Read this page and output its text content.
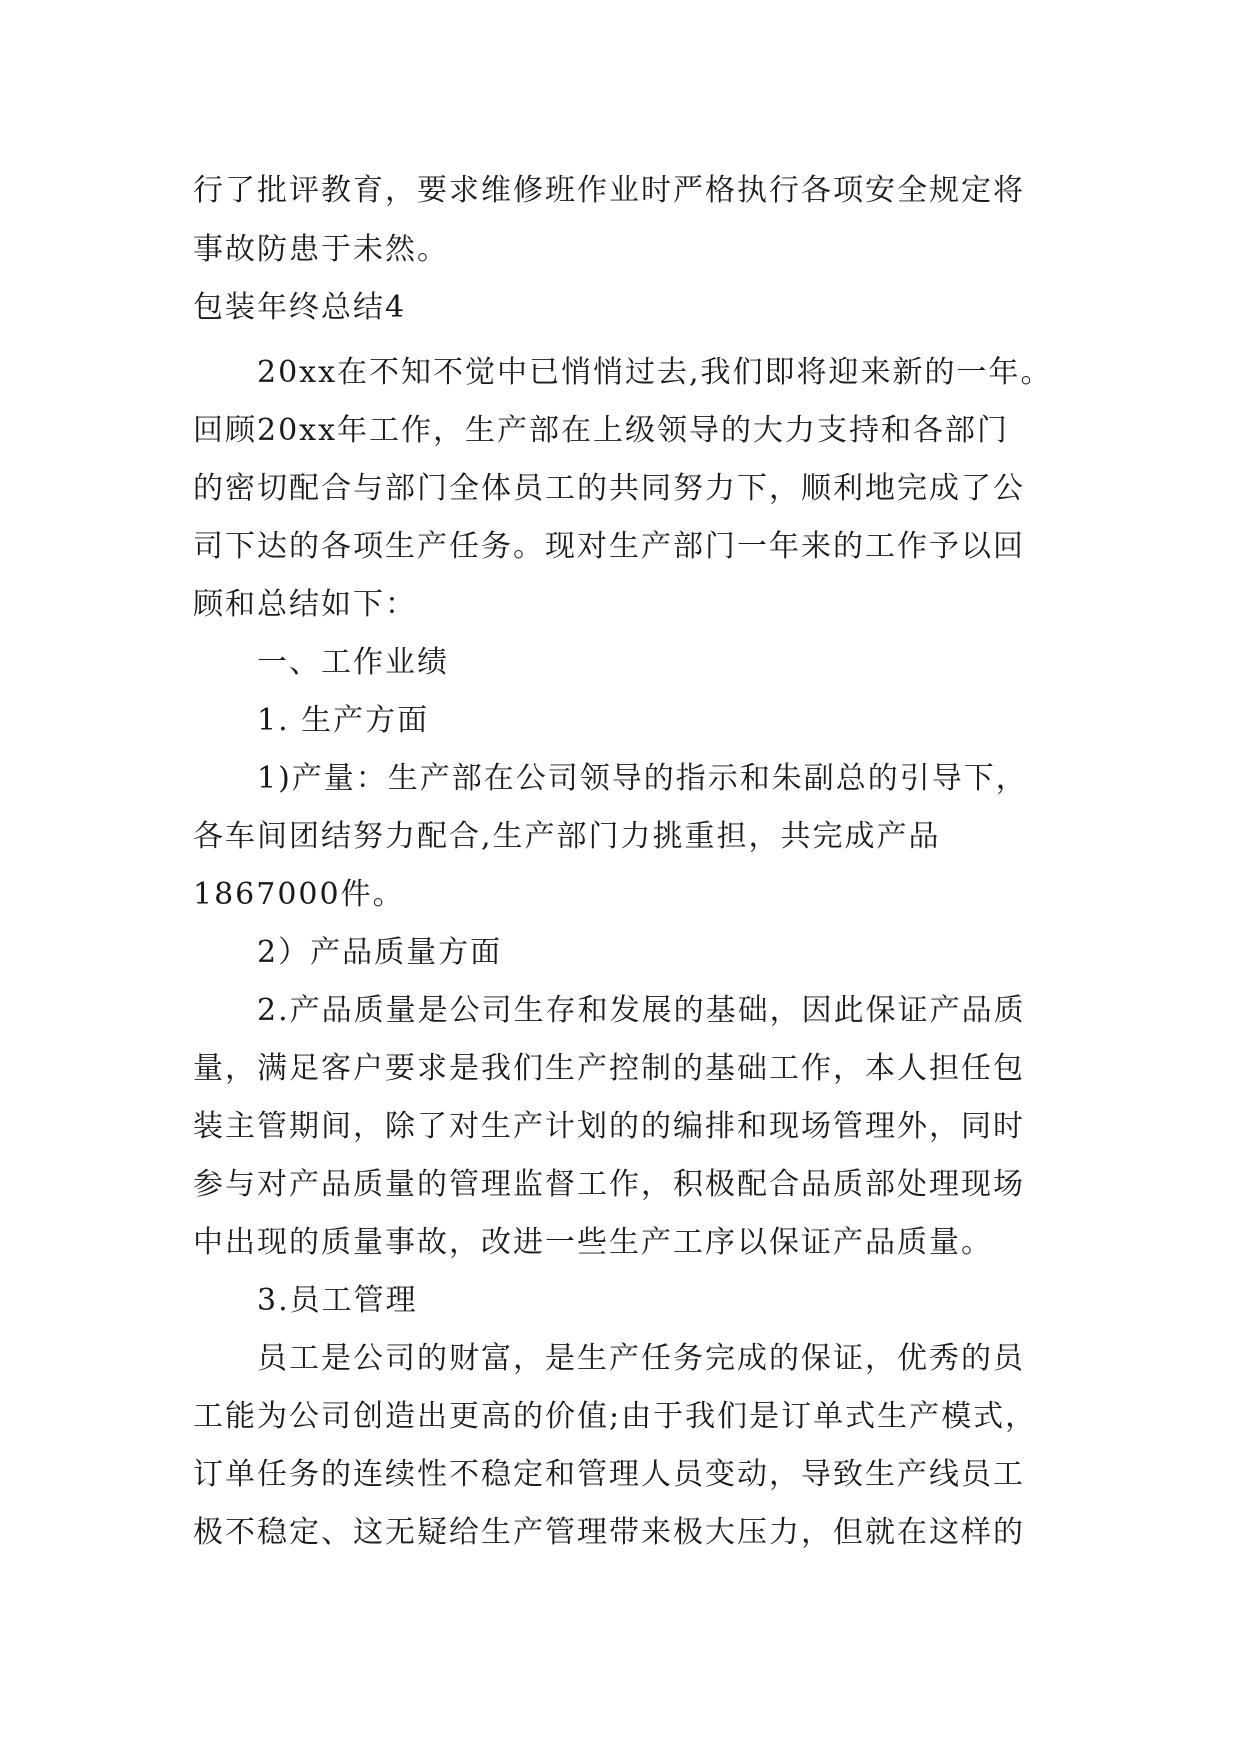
行了批评教育，要求维修班作业时严格执行各项安全规定将
事故防患于未然。
包装年终总结4
20xx在不知不觉中已悄悄过去,我们即将迎来新的一年。
回顾20xx年工作，生产部在上级领导的大力支持和各部门
的密切配合与部门全体员工的共同努力下，顺利地完成了公
司下达的各项生产任务。现对生产部门一年来的工作予以回
顾和总结如下：
一、工作业绩
1. 生产方面
1)产量：生产部在公司领导的指示和朱副总的引导下，
各车间团结努力配合,生产部门力挑重担，共完成产品
1867000件。
2）产品质量方面
2.产品质量是公司生存和发展的基础，因此保证产品质
量，满足客户要求是我们生产控制的基础工作，本人担任包
装主管期间，除了对生产计划的的编排和现场管理外，同时
参与对产品质量的管理监督工作，积极配合品质部处理现场
中出现的质量事故，改进一些生产工序以保证产品质量。
3.员工管理
员工是公司的财富，是生产任务完成的保证，优秀的员
工能为公司创造出更高的价值;由于我们是订单式生产模式，
订单任务的连续性不稳定和管理人员变动，导致生产线员工
极不稳定、这无疑给生产管理带来极大压力，但就在这样的
